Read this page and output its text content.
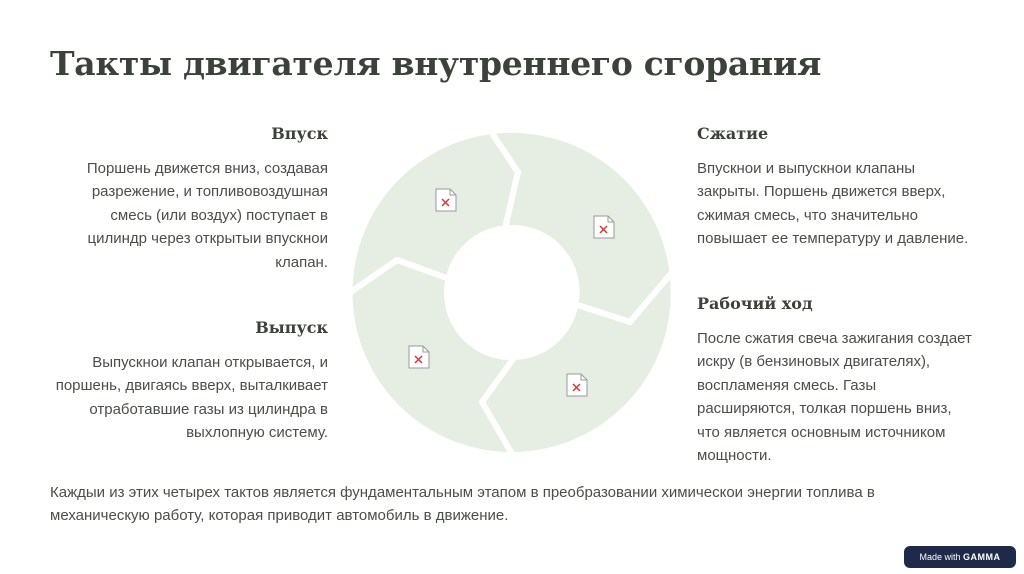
Такты двигателя внутреннего сгорания

Впуск

Поршень движется вниз, создавая разрежение, и топливовоздушная смесь (или воздух) поступает в цилиндр через открытыи впускнои клапан.

Выпуск

Выпускнои клапан открывается, и поршень, двигаясь вверх, выталкивает отработавшие газы из цилиндра в выхлопную систему.

Сжатие

Впускнои и выпускнои клапаны закрыты. Поршень движется вверх, сжимая смесь, что значительно повышает ее температуру и давление.

Рабочий ход

После сжатия свеча зажигания создает искру (в бензиновых двигателях), воспламеняя смесь. Газы расширяются, толкая поршень вниз, что является основным источником мощности.

Каждыи из этих четырех тактов является фундаментальным этапом в преобразовании химическои энергии топлива в механическую работу, которая приводит автомобиль в движение.

Made with GAMMA
